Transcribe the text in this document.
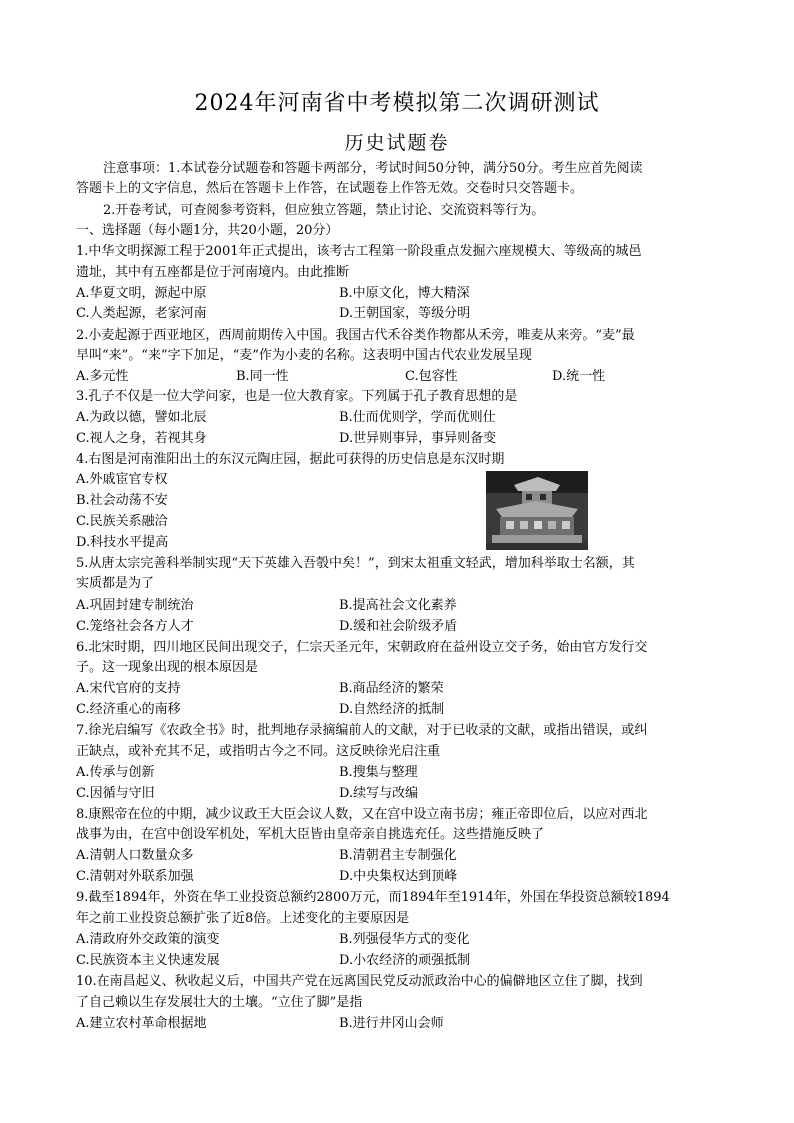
2024年河南省中考模拟第二次调研测试
历史试题卷
注意事项：1.本试卷分试题卷和答题卡两部分，考试时间50分钟，满分50分。考生应首先阅读
答题卡上的文字信息，然后在答题卡上作答，在试题卷上作答无效。交卷时只交答题卡。
2.开卷考试，可查阅参考资料，但应独立答题，禁止讨论、交流资料等行为。
一、选择题（每小题1分，共20小题，20分）
1.中华文明探源工程于2001年正式提出，该考古工程第一阶段重点发掘六座规模大、等级高的城邑
遗址，其中有五座都是位于河南境内。由此推断
A.华夏文明，源起中原	B.中原文化，博大精深
C.人类起源，老家河南	D.王朝国家，等级分明
2.小麦起源于西亚地区，西周前期传入中国。我国古代禾谷类作物都从禾旁，唯麦从来旁。“麦”最
早叫“来”。“来”字下加足，“麦”作为小麦的名称。这表明中国古代农业发展呈现
A.多元性	B.同一性	C.包容性	D.统一性
3.孔子不仅是一位大学问家，也是一位大教育家。下列属于孔子教育思想的是
A.为政以德，譬如北辰	B.仕而优则学，学而优则仕
C.视人之身，若视其身	D.世异则事异，事异则备变
4.右图是河南淮阳出土的东汉元陶庄园，据此可获得的历史信息是东汉时期
A.外戚宦官专权
B.社会动荡不安
C.民族关系融洽
D.科技水平提高
5.从唐太宗完善科举制实现“天下英雄入吾彀中矣！”，到宋太祖重文轻武，增加科举取士名额，其
实质都是为了
A.巩固封建专制统治	B.提高社会文化素养
C.笼络社会各方人才	D.缓和社会阶级矛盾
6.北宋时期，四川地区民间出现交子，仁宗天圣元年，宋朝政府在益州设立交子务，始由官方发行交
子。这一现象出现的根本原因是
A.宋代官府的支持	B.商品经济的繁荣
C.经济重心的南移	D.自然经济的抵制
7.徐光启编写《农政全书》时，批判地存录摘编前人的文献，对于已收录的文献，或指出错误，或纠
正缺点，或补充其不足，或指明古今之不同。这反映徐光启注重
A.传承与创新	B.搜集与整理
C.因循与守旧	D.续写与改编
8.康熙帝在位的中期，减少议政王大臣会议人数，又在宫中设立南书房；雍正帝即位后，以应对西北
战事为由，在宫中创设军机处，军机大臣皆由皇帝亲自挑选充任。这些措施反映了
A.清朝人口数量众多	B.清朝君主专制强化
C.清朝对外联系加强	D.中央集权达到顶峰
9.截至1894年，外资在华工业投资总额约2800万元，而1894年至1914年，外国在华投资总额较1894
年之前工业投资总额扩张了近8倍。上述变化的主要原因是
A.清政府外交政策的演变	B.列强侵华方式的变化
C.民族资本主义快速发展	D.小农经济的顽强抵制
10.在南昌起义、秋收起义后，中国共产党在远离国民党反动派政治中心的偏僻地区立住了脚，找到
了自己赖以生存发展壮大的土壤。“立住了脚”是指
A.建立农村革命根据地	B.进行井冈山会师
